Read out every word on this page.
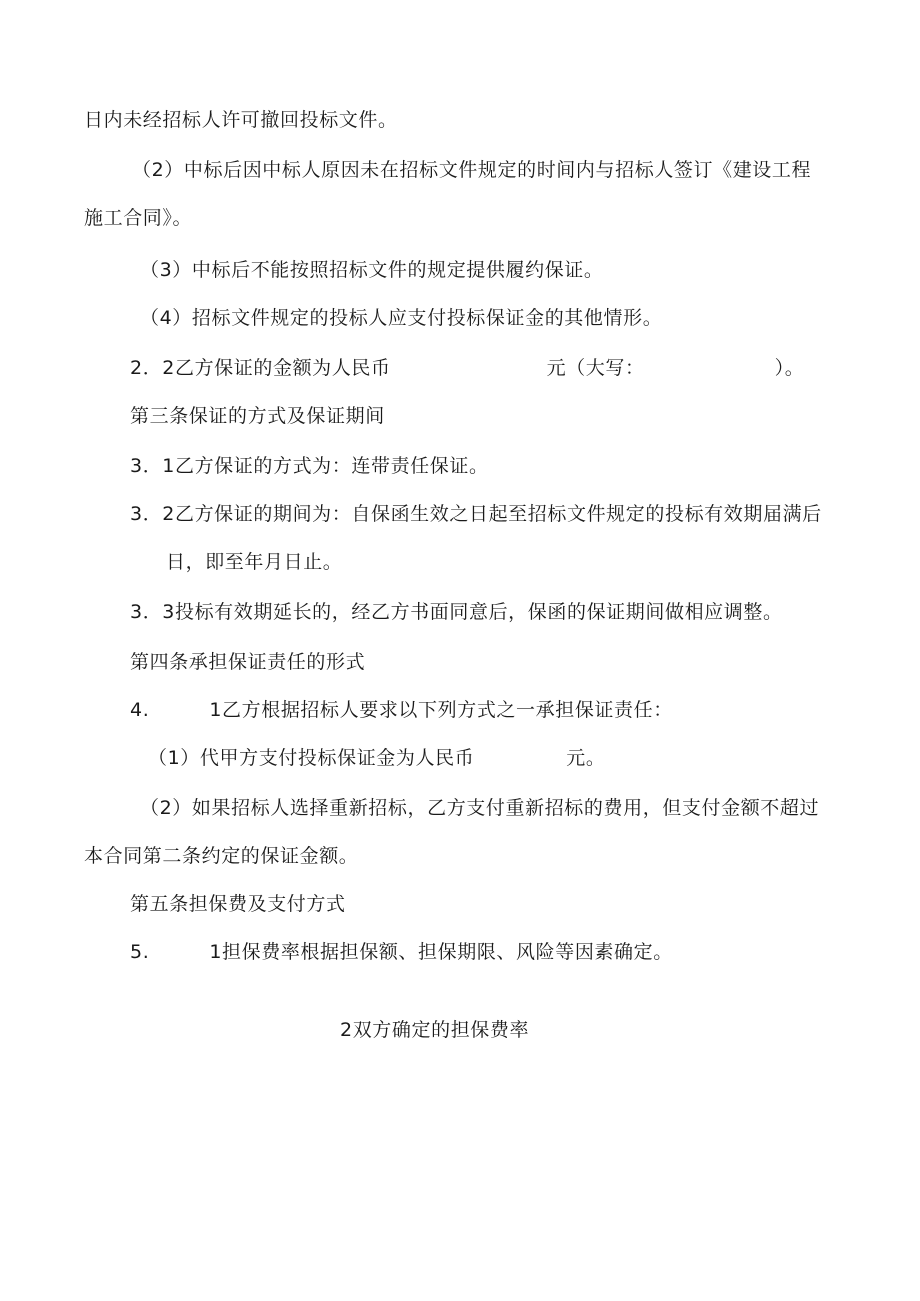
日内未经招标人许可撤回投标文件。
（2）中标后因中标人原因未在招标文件规定的时间内与招标人签订《建设工程
施工合同》。
（3）中标后不能按照招标文件的规定提供履约保证。
（4）招标文件规定的投标人应支付投标保证金的其他情形。
2．2乙方保证的金额为人民币	元（大写：	）。
第三条保证的方式及保证期间
3．1乙方保证的方式为：连带责任保证。
3．2乙方保证的期间为：自保函生效之日起至招标文件规定的投标有效期届满后
日，即至年月日止。
3．3投标有效期延长的，经乙方书面同意后，保函的保证期间做相应调整。
第四条承担保证责任的形式
4.	1乙方根据招标人要求以下列方式之一承担保证责任：
（1）代甲方支付投标保证金为人民币	元。
（2）如果招标人选择重新招标，乙方支付重新招标的费用，但支付金额不超过
本合同第二条约定的保证金额。
第五条担保费及支付方式
5.	1担保费率根据担保额、担保期限、风险等因素确定。
2双方确定的担保费率
